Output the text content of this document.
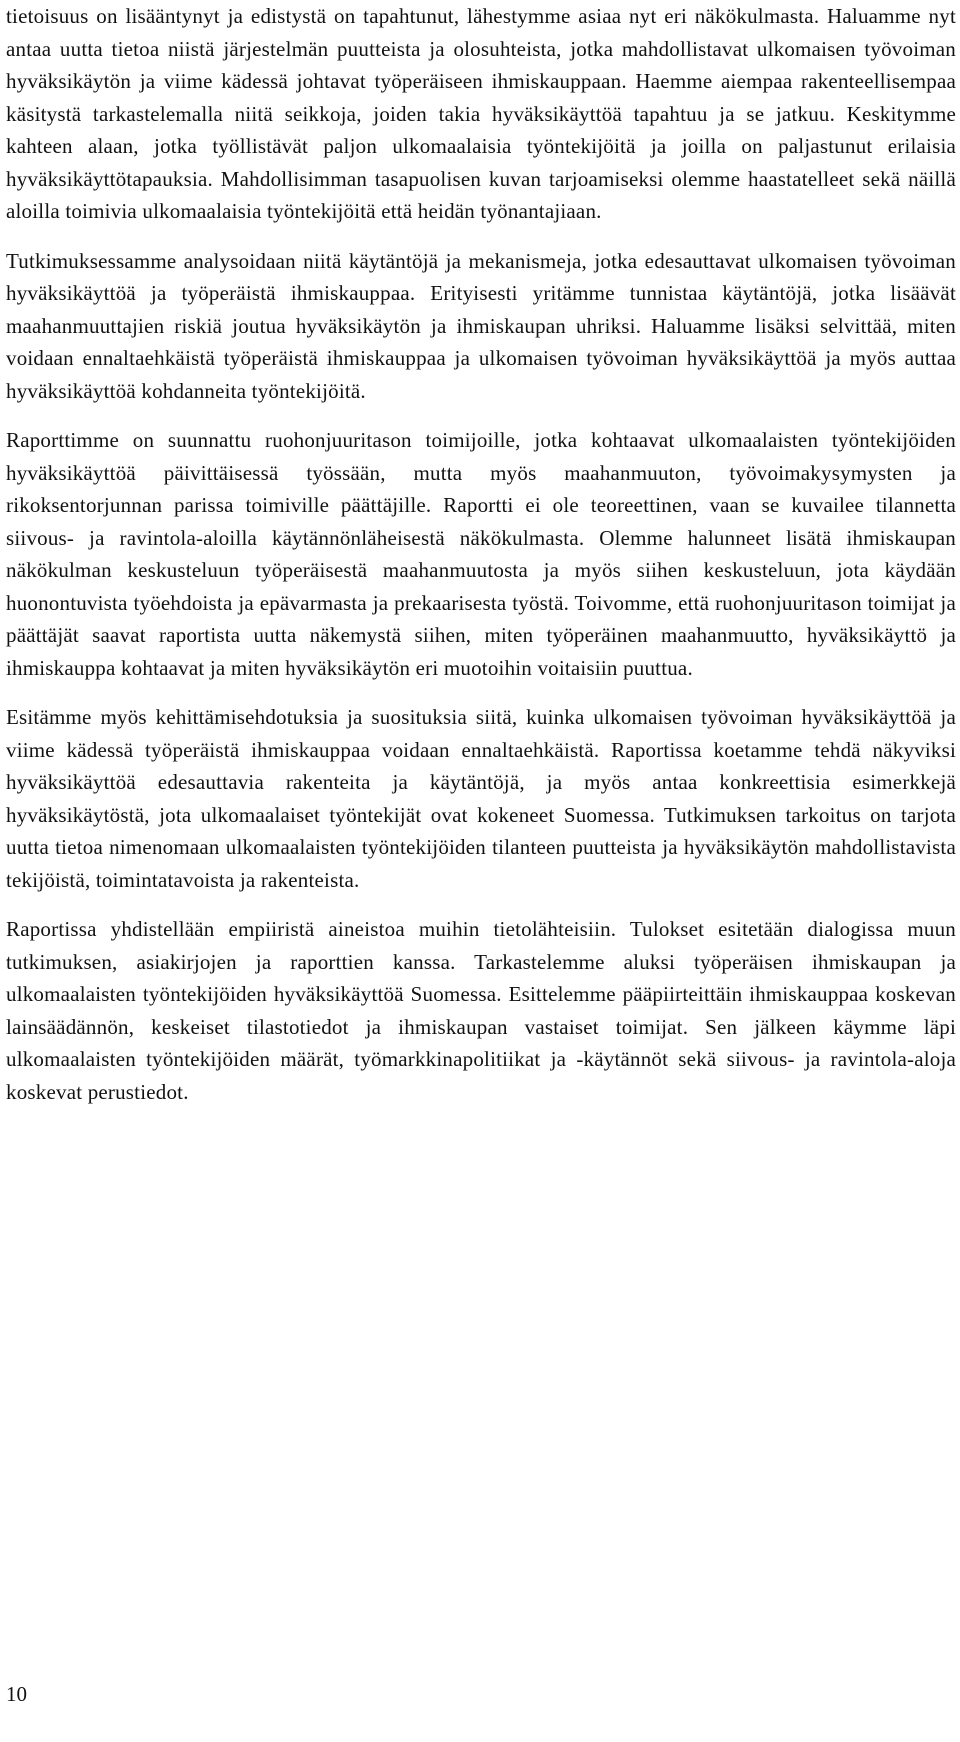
tietoisuus on lisääntynyt ja edistystä on tapahtunut, lähestymme asiaa nyt eri näkökulmasta. Haluamme nyt antaa uutta tietoa niistä järjestelmän puutteista ja olosuhteista, jotka mahdollistavat ulkomaisen työvoiman hyväksikäytön ja viime kädessä johtavat työperäiseen ihmiskauppaan. Haemme aiempaa rakenteellisempaa käsitystä tarkastelemalla niitä seikkoja, joiden takia hyväksikäyttöä tapahtuu ja se jatkuu. Keskitymme kahteen alaan, jotka työllistävät paljon ulkomaalaisia työntekijöitä ja joilla on paljastunut erilaisia hyväksikäyttötapauksia. Mahdollisimman tasapuolisen kuvan tarjoamiseksi olemme haastatelleet sekä näillä aloilla toimivia ulkomaalaisia työntekijöitä että heidän työnantajiaan.

Tutkimuksessamme analysoidaan niitä käytäntöjä ja mekanismeja, jotka edesauttavat ulkomaisen työvoiman hyväksikäyttöä ja työperäistä ihmiskauppaa. Erityisesti yritämme tunnistaa käytäntöjä, jotka lisäävät maahanmuuttajien riskiä joutua hyväksikäytön ja ihmiskaupan uhriksi. Haluamme lisäksi selvittää, miten voidaan ennaltaehkäistä työperäistä ihmiskauppaa ja ulkomaisen työvoiman hyväksikäyttöä ja myös auttaa hyväksikäyttöä kohdanneita työntekijöitä.

Raporttimme on suunnattu ruohonjuuritason toimijoille, jotka kohtaavat ulkomaalaisten työntekijöiden hyväksikäyttöä päivittäisessä työssään, mutta myös maahanmuuton, työvoimakysymysten ja rikoksentorjunnan parissa toimiville päättäjille. Raportti ei ole teoreettinen, vaan se kuvailee tilannetta siivous- ja ravintola-aloilla käytännönläheisestä näkökulmasta. Olemme halunneet lisätä ihmiskaupan näkökulman keskusteluun työperäisestä maahanmuutosta ja myös siihen keskusteluun, jota käydään huonontuvista työehdoista ja epävarmasta ja prekaarisesta työstä. Toivomme, että ruohonjuuritason toimijat ja päättäjät saavat raportista uutta näkemystä siihen, miten työperäinen maahanmuutto, hyväksikäyttö ja ihmiskauppa kohtaavat ja miten hyväksikäytön eri muotoihin voitaisiin puuttua.

Esitämme myös kehittämisehdotuksia ja suosituksia siitä, kuinka ulkomaisen työvoiman hyväksikäyttöä ja viime kädessä työperäistä ihmiskauppaa voidaan ennaltaehkäistä. Raportissa koetamme tehdä näkyviksi hyväksikäyttöä edesauttavia rakenteita ja käytäntöjä, ja myös antaa konkreettisia esimerkkejä hyväksikäytöstä, jota ulkomaalaiset työntekijät ovat kokeneet Suomessa. Tutkimuksen tarkoitus on tarjota uutta tietoa nimenomaan ulkomaalaisten työntekijöiden tilanteen puutteista ja hyväksikäytön mahdollistavista tekijöistä, toimintatavoista ja rakenteista.

Raportissa yhdistellään empiiristä aineistoa muihin tietolähteisiin. Tulokset esitetään dialogissa muun tutkimuksen, asiakirjojen ja raporttien kanssa. Tarkastelemme aluksi työperäisen ihmiskaupan ja ulkomaalaisten työntekijöiden hyväksikäyttöä Suomessa. Esittelemme pääpiirteittäin ihmiskauppaa koskevan lainsäädännön, keskeiset tilastotiedot ja ihmiskaupan vastaiset toimijat. Sen jälkeen käymme läpi ulkomaalaisten työntekijöiden määrät, työmarkkinapolitiikat ja -käytännöt sekä siivous- ja ravintola-aloja koskevat perustiedot.

10
